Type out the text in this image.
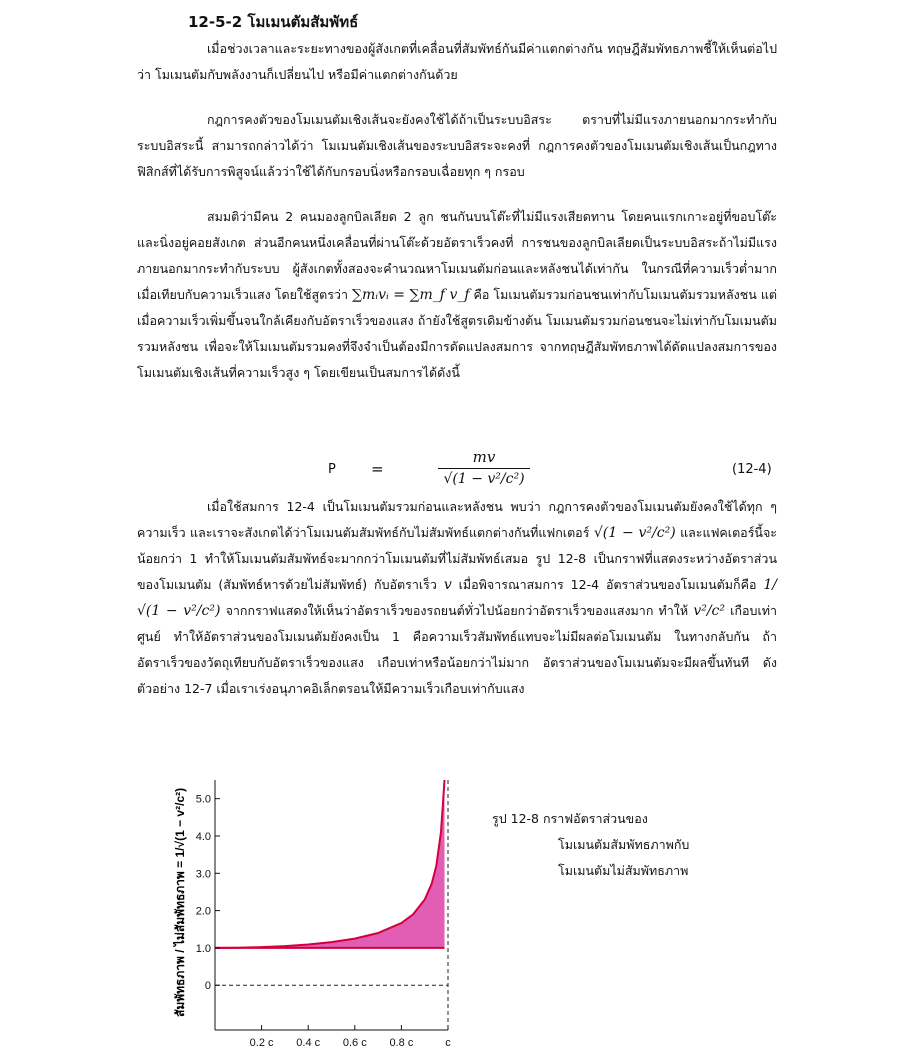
12-5-2 โมเมนตัมสัมพัทธ์

เมื่อช่วงเวลาและระยะทางของผู้สังเกตที่เคลื่อนที่สัมพัทธ์กันมีค่าแตกต่างกัน ทฤษฎีสัมพัทธภาพชี้ให้เห็นต่อไปว่า โมเมนตัมกับพลังงานก็เปลี่ยนไป หรือมีค่าแตกต่างกันด้วย

กฎการคงตัวของโมเมนตัมเชิงเส้นจะยังคงใช้ได้ถ้าเป็นระบบอิสระ ตราบที่ไม่มีแรงภายนอกมากระทำกับระบบอิสระนี้ สามารถกล่าวได้ว่า โมเมนตัมเชิงเส้นของระบบอิสระจะคงที่ กฎการคงตัวของโมเมนตัมเชิงเส้นเป็นกฎทางฟิสิกส์ที่ได้รับการพิสูจน์แล้วว่าใช้ได้กับกรอบนิ่งหรือกรอบเฉื่อยทุก ๆ กรอบ

สมมติว่ามีคน 2 คนมองลูกบิลเลียด 2 ลูก ชนกันบนโต๊ะที่ไม่มีแรงเสียดทาน โดยคนแรกเกาะอยู่ที่ขอบโต๊ะและนิ่งอยู่คอยสังเกต ส่วนอีกคนหนึ่งเคลื่อนที่ผ่านโต๊ะด้วยอัตราเร็วคงที่ การชนของลูกบิลเลียดเป็นระบบอิสระถ้าไม่มีแรงภายนอกมากระทำกับระบบ ผู้สังเกตทั้งสองจะคำนวณหาโมเมนตัมก่อนและหลังชนได้เท่ากัน ในกรณีที่ความเร็วต่ำมากเมื่อเทียบกับความเร็วแสง โดยใช้สูตรว่า ∑mᵢvᵢ = ∑m_f v_f คือ โมเมนตัมรวมก่อนชนเท่ากับโมเมนตัมรวมหลังชน แต่เมื่อความเร็วเพิ่มขึ้นจนใกล้เคียงกับอัตราเร็วของแสง ถ้ายังใช้สูตรเดิมข้างต้น โมเมนตัมรวมก่อนชนจะไม่เท่ากับโมเมนตัมรวมหลังชน เพื่อจะให้โมเมนตัมรวมคงที่จึงจำเป็นต้องมีการดัดแปลงสมการ จากทฤษฎีสัมพัทธภาพได้ดัดแปลงสมการของโมเมนตัมเชิงเส้นที่ความเร็วสูง ๆ โดยเขียนเป็นสมการได้ดังนี้

P =
mv
√(1 − v²/c²)
(12-4)

เมื่อใช้สมการ 12-4 เป็นโมเมนตัมรวมก่อนและหลังชน พบว่า กฎการคงตัวของโมเมนตัมยังคงใช้ได้ทุก ๆ ความเร็ว และเราจะสังเกตได้ว่าโมเมนตัมสัมพัทธ์กับไม่สัมพัทธ์แตกต่างกันที่แฟกเตอร์ √(1 − v²/c²) และแฟคเตอร์นี้จะน้อยกว่า 1 ทำให้โมเมนตัมสัมพัทธ์จะมากกว่าโมเมนตัมที่ไม่สัมพัทธ์เสมอ รูป 12-8 เป็นกราฟที่แสดงระหว่างอัตราส่วนของโมเมนตัม (สัมพัทธ์หารด้วยไม่สัมพัทธ์) กับอัตราเร็ว v เมื่อพิจารณาสมการ 12-4 อัตราส่วนของโมเมนตัมก็คือ 1/√(1 − v²/c²) จากกราฟแสดงให้เห็นว่าอัตราเร็วของรถยนต์ทั่วไปน้อยกว่าอัตราเร็วของแสงมาก ทำให้ v²/c² เกือบเท่าศูนย์ ทำให้อัตราส่วนของโมเมนตัมยังคงเป็น 1 คือความเร็วสัมพัทธ์แทบจะไม่มีผลต่อโมเมนตัม ในทางกลับกัน ถ้าอัตราเร็วของวัตถุเทียบกับอัตราเร็วของแสง เกือบเท่าหรือน้อยกว่าไม่มาก อัตราส่วนของโมเมนตัมจะมีผลขึ้นทันที ดังตัวอย่าง 12-7 เมื่อเราเร่งอนุภาคอิเล็กตรอนให้มีความเร็วเกือบเท่ากับแสง

สัมพัทธภาพ / ไม่สัมพัทธภาพ = 1/√(1 − v²/c²) 0
1.0
2.0
3.0
4.0
5.0
0.2 c 0.4 c 0.6 c 0.8 c	c
รูป 12-8 กราฟอัตราส่วนของ
โมเมนตัมสัมพัทธภาพกับ
โมเมนตัมไม่สัมพัทธภาพ
